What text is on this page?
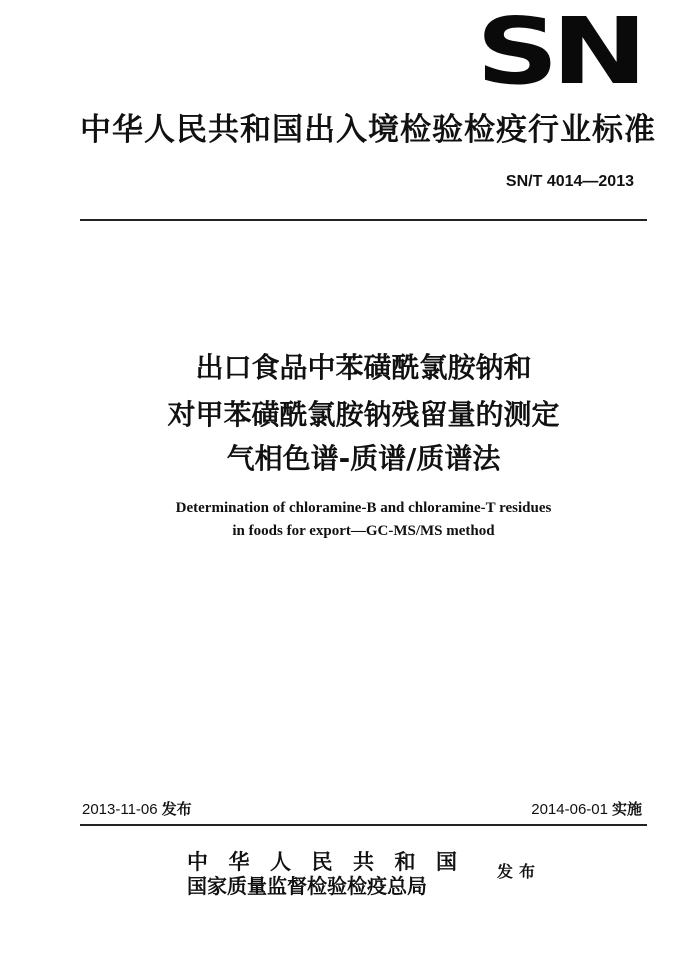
SN
中华人民共和国出入境检验检疫行业标准
SN/T 4014—2013
出口食品中苯磺酰氯胺钠和
对甲苯磺酰氯胺钠残留量的测定
气相色谱-质谱/质谱法
Determination of chloramine-B and chloramine-T residues
in foods for export—GC-MS/MS method
2013-11-06 发布	2014-06-01 实施
中华人民共和国
国家质量监督检验检疫总局
发布
